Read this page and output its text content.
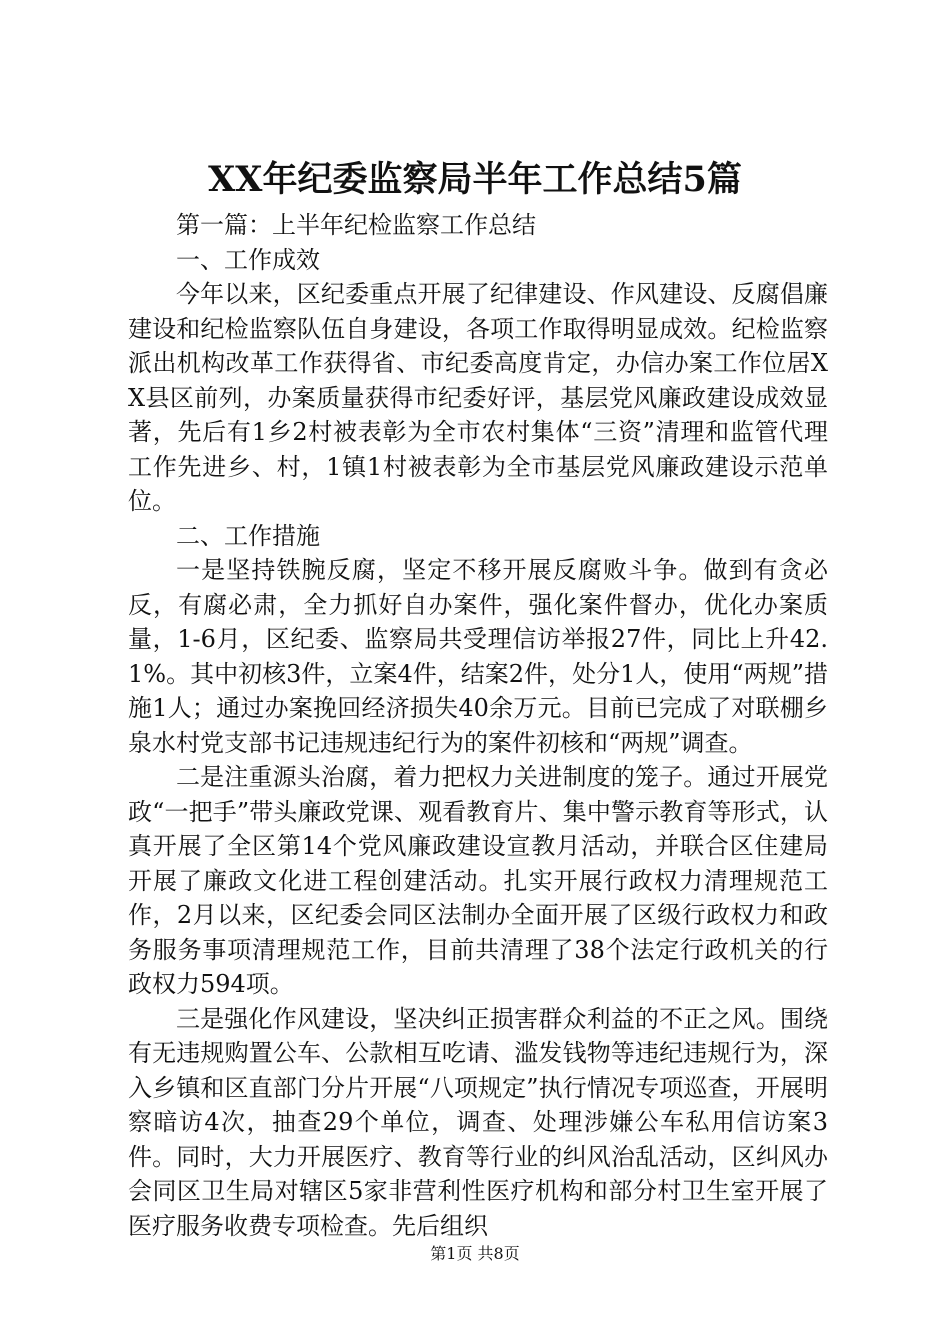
XX年纪委监察局半年工作总结5篇

第一篇：上半年纪检监察工作总结

一、工作成效

今年以来，区纪委重点开展了纪律建设、作风建设、反腐倡廉建设和纪检监察队伍自身建设，各项工作取得明显成效。纪检监察派出机构改革工作获得省、市纪委高度肯定，办信办案工作位居XX县区前列，办案质量获得市纪委好评，基层党风廉政建设成效显著，先后有1乡2村被表彰为全市农村集体“三资”清理和监管代理工作先进乡、村，1镇1村被表彰为全市基层党风廉政建设示范单位。

二、工作措施

一是坚持铁腕反腐，坚定不移开展反腐败斗争。做到有贪必反，有腐必肃，全力抓好自办案件，强化案件督办，优化办案质量，1-6月，区纪委、监察局共受理信访举报27件，同比上升42.1%。其中初核3件，立案4件，结案2件，处分1人，使用“两规”措施1人；通过办案挽回经济损失40余万元。目前已完成了对联棚乡泉水村党支部书记违规违纪行为的案件初核和“两规”调查。

二是注重源头治腐，着力把权力关进制度的笼子。通过开展党政“一把手”带头廉政党课、观看教育片、集中警示教育等形式，认真开展了全区第14个党风廉政建设宣教月活动，并联合区住建局开展了廉政文化进工程创建活动。扎实开展行政权力清理规范工作，2月以来，区纪委会同区法制办全面开展了区级行政权力和政务服务事项清理规范工作，目前共清理了38个法定行政机关的行政权力594项。

三是强化作风建设，坚决纠正损害群众利益的不正之风。围绕有无违规购置公车、公款相互吃请、滥发钱物等违纪违规行为，深入乡镇和区直部门分片开展“八项规定”执行情况专项巡查，开展明察暗访4次，抽查29个单位，调查、处理涉嫌公车私用信访案3件。同时，大力开展医疗、教育等行业的纠风治乱活动，区纠风办会同区卫生局对辖区5家非营利性医疗机构和部分村卫生室开展了医疗服务收费专项检查。先后组织

第1页 共8页
